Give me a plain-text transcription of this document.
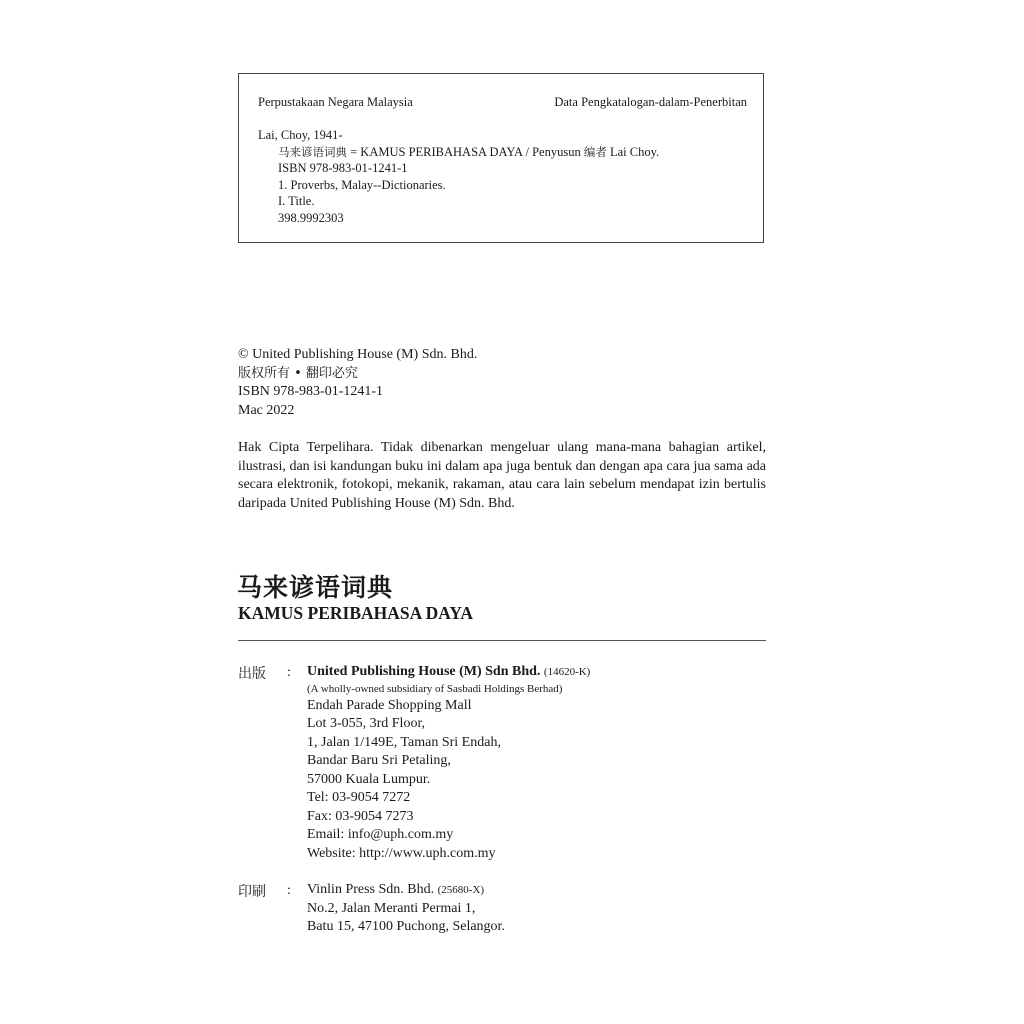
Perpustakaan Negara Malaysia	Data Pengkatalogan-dalam-Penerbitan
Lai, Choy, 1941-
马来谚语词典 = KAMUS PERIBAHASA DAYA / Penyusun 编者 Lai Choy.
ISBN 978-983-01-1241-1
1. Proverbs, Malay--Dictionaries.
I. Title.
398.9992303
© United Publishing House (M) Sdn. Bhd.
版权所有 • 翻印必究
ISBN 978-983-01-1241-1
Mac 2022
Hak Cipta Terpelihara. Tidak dibenarkan mengeluar ulang mana-mana bahagian artikel, ilustrasi, dan isi kandungan buku ini dalam apa juga bentuk dan dengan apa cara jua sama ada secara elektronik, fotokopi, mekanik, rakaman, atau cara lain sebelum mendapat izin bertulis daripada United Publishing House (M) Sdn. Bhd.
马来谚语词典
KAMUS PERIBAHASA DAYA
出版 : United Publishing House (M) Sdn Bhd. (14620-K)
(A wholly-owned subsidiary of Sasbadi Holdings Berhad)
Endah Parade Shopping Mall
Lot 3-055, 3rd Floor,
1, Jalan 1/149E, Taman Sri Endah,
Bandar Baru Sri Petaling,
57000 Kuala Lumpur.
Tel: 03-9054 7272
Fax: 03-9054 7273
Email: info@uph.com.my
Website: http://www.uph.com.my
印刷 : Vinlin Press Sdn. Bhd. (25680-X)
No.2, Jalan Meranti Permai 1,
Batu 15, 47100 Puchong, Selangor.
